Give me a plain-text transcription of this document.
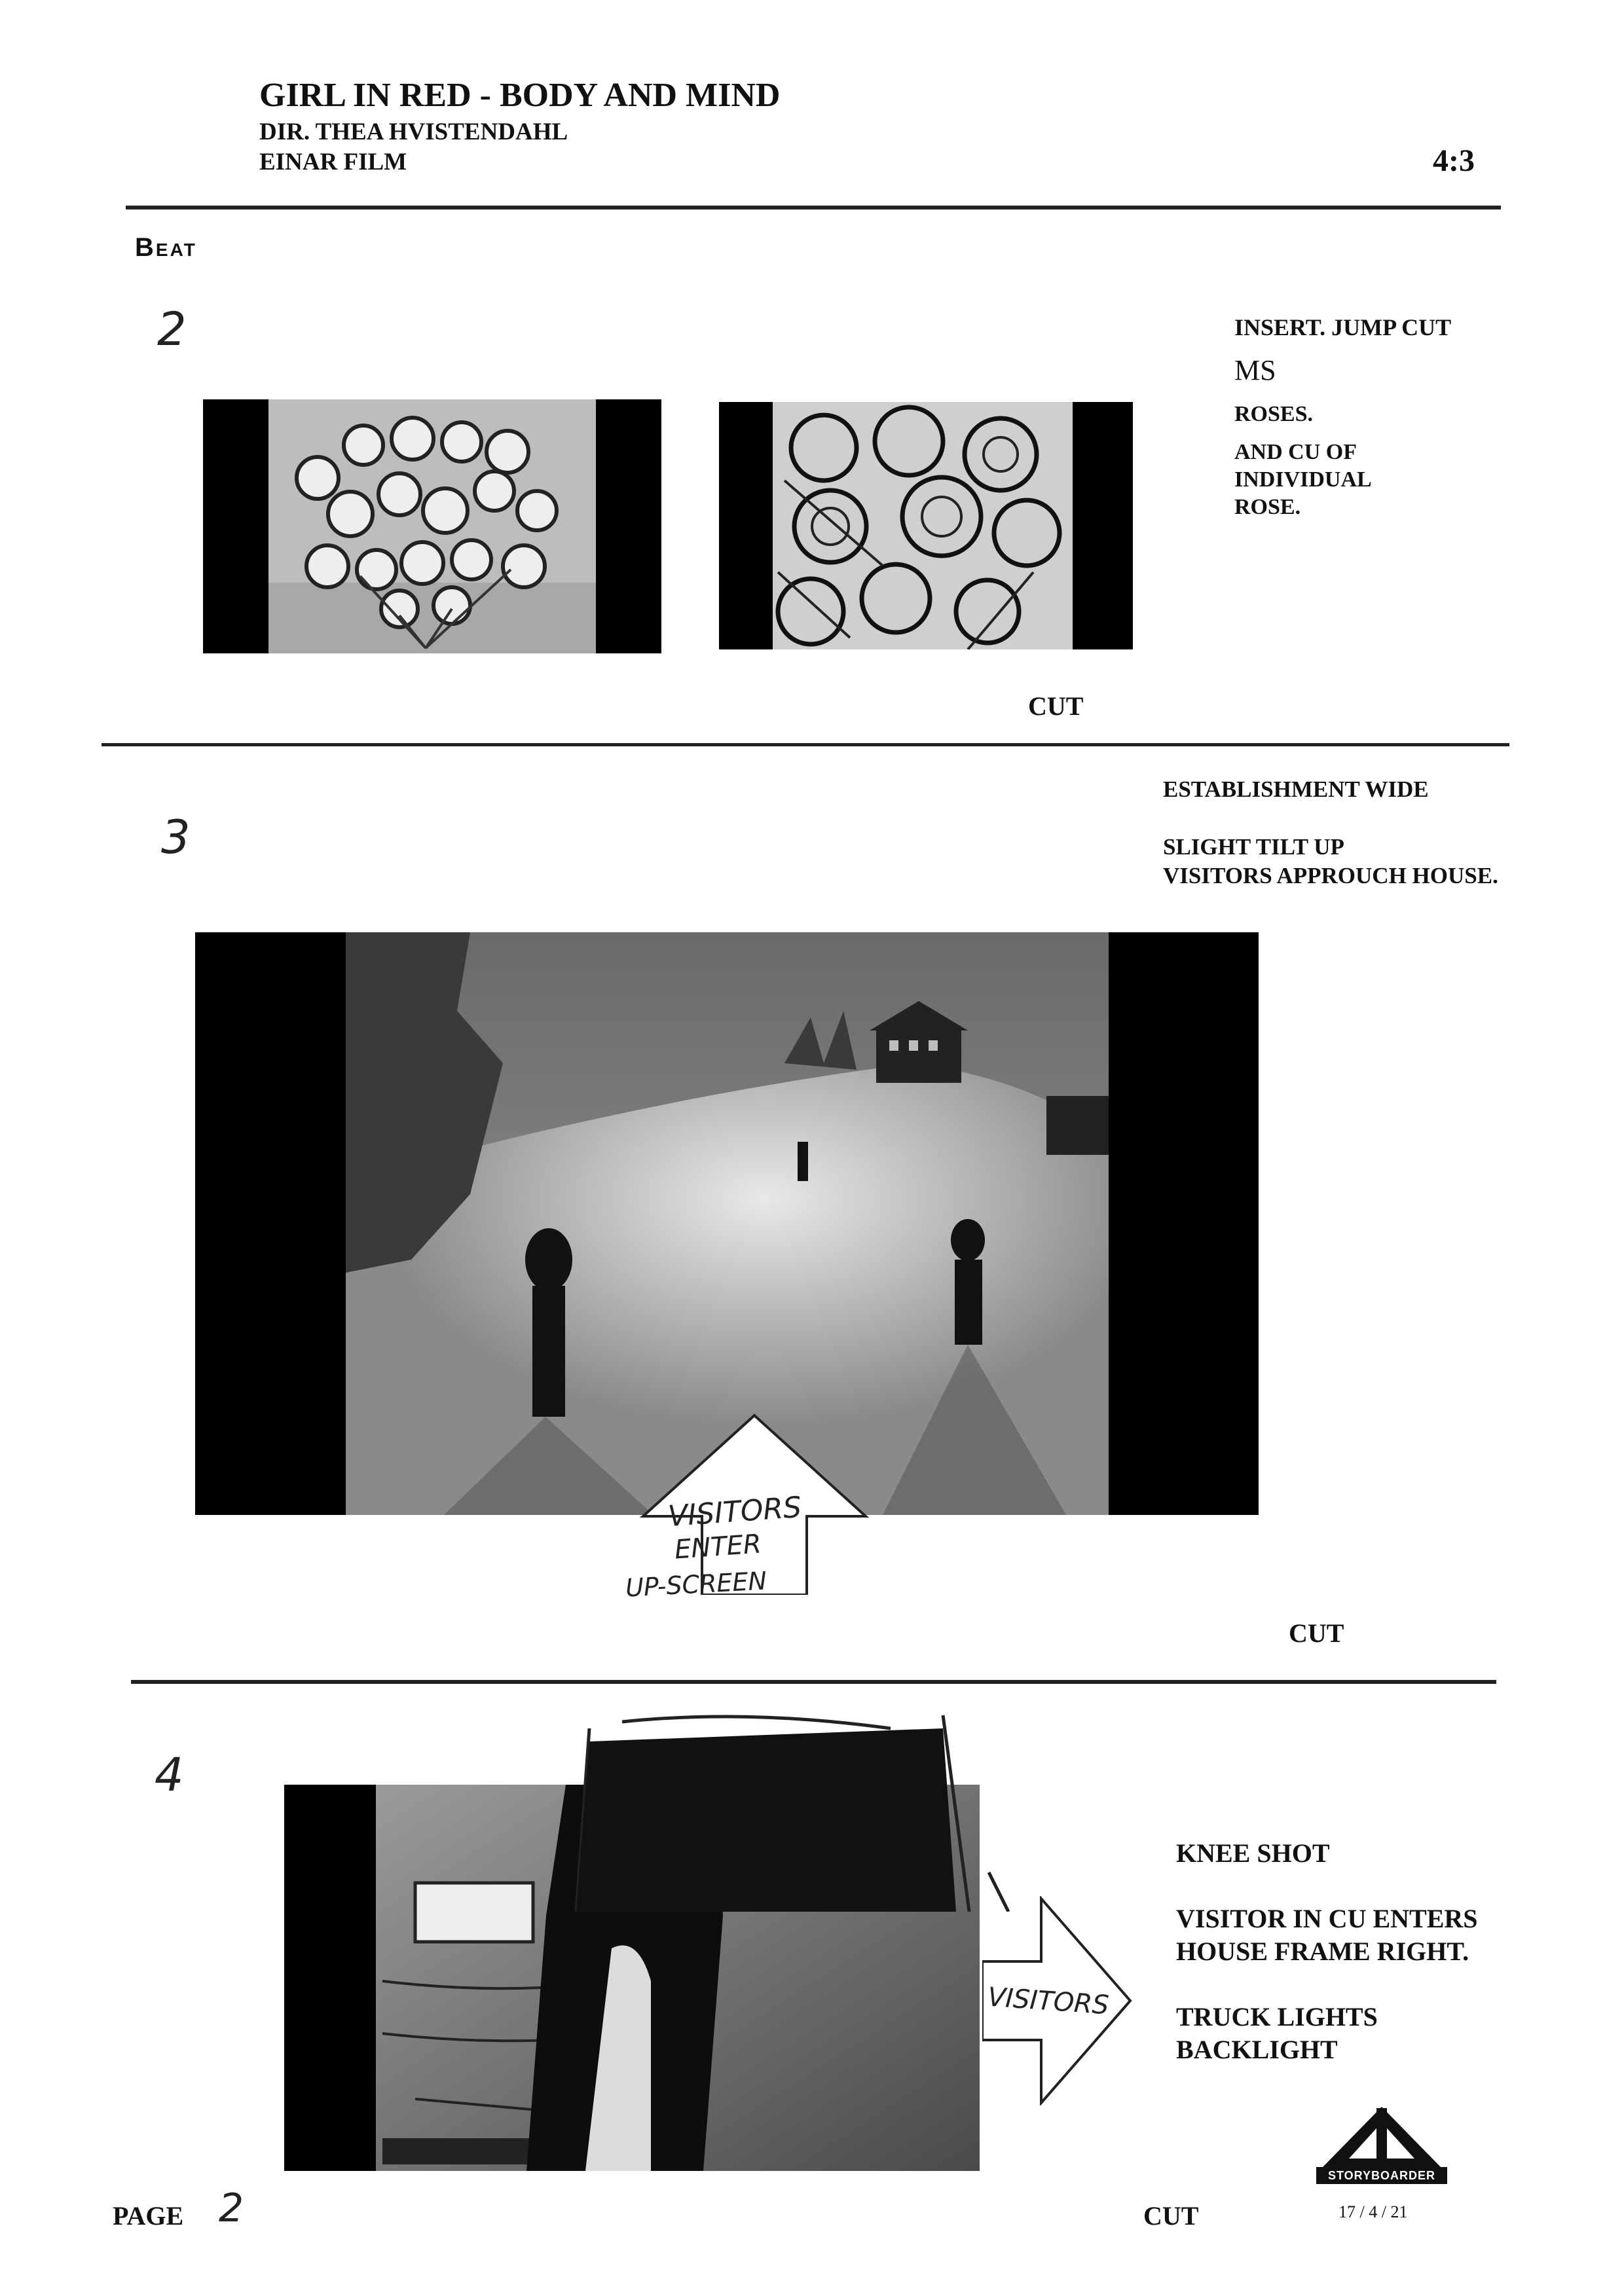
GIRL IN RED - BODY AND MIND
DIR. THEA HVISTENDAHL
EINAR FILM	4:3
Beat
2	INSERT. JUMP CUT
MS
ROSES.
AND CU OF
INDIVIDUAL
ROSE.
CUT
3
ESTABLISHMENT WIDE
SLIGHT TILT UP
VISITORS APPROUCH HOUSE.
VISITORS
ENTER
UP-SCREEN
CUT
4
VISITORS
KNEE SHOT
VISITOR IN CU ENTERS
HOUSE FRAME RIGHT.
TRUCK LIGHTS
BACKLIGHT
PAGE 2	CUT
STORYBOARDER
17 / 4 / 21
